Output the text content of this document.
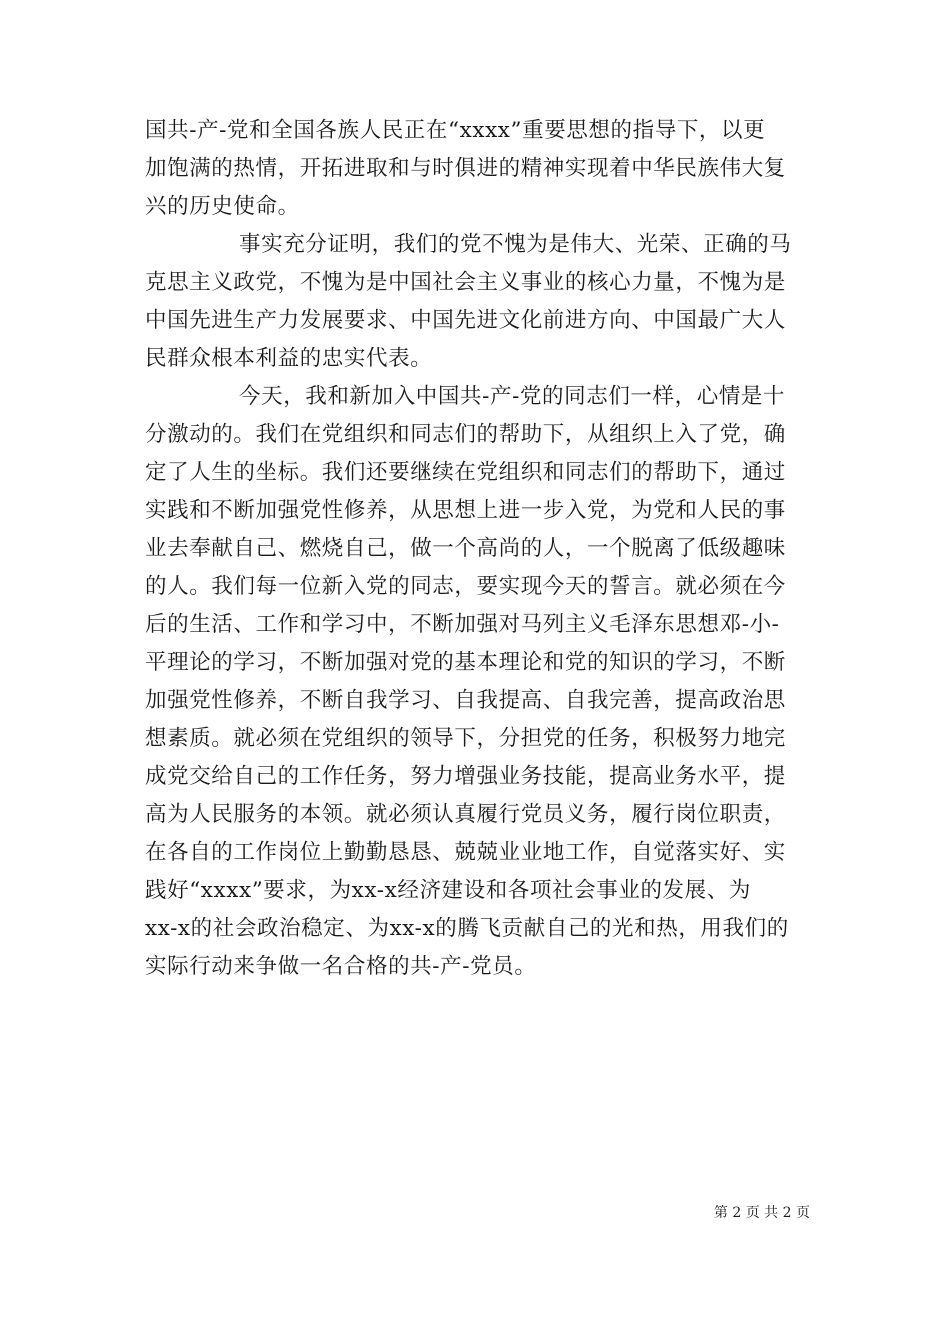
国共-产-党和全国各族人民正在“xxxx”重要思想的指导下，以更
加饱满的热情，开拓进取和与时俱进的精神实现着中华民族伟大复
兴的历史使命。
事实充分证明，我们的党不愧为是伟大、光荣、正确的马
克思主义政党，不愧为是中国社会主义事业的核心力量，不愧为是
中国先进生产力发展要求、中国先进文化前进方向、中国最广大人
民群众根本利益的忠实代表。
今天，我和新加入中国共-产-党的同志们一样，心情是十
分激动的。我们在党组织和同志们的帮助下，从组织上入了党，确
定了人生的坐标。我们还要继续在党组织和同志们的帮助下，通过
实践和不断加强党性修养，从思想上进一步入党，为党和人民的事
业去奉献自己、燃烧自己，做一个高尚的人，一个脱离了低级趣味
的人。我们每一位新入党的同志，要实现今天的誓言。就必须在今
后的生活、工作和学习中，不断加强对马列主义毛泽东思想邓-小-
平理论的学习，不断加强对党的基本理论和党的知识的学习，不断
加强党性修养，不断自我学习、自我提高、自我完善，提高政治思
想素质。就必须在党组织的领导下，分担党的任务，积极努力地完
成党交给自己的工作任务，努力增强业务技能，提高业务水平，提
高为人民服务的本领。就必须认真履行党员义务，履行岗位职责，
在各自的工作岗位上勤勤恳恳、兢兢业业地工作，自觉落实好、实
践好“xxxx”要求，为xx-x经济建设和各项社会事业的发展、为
xx-x的社会政治稳定、为xx-x的腾飞贡献自己的光和热，用我们的
实际行动来争做一名合格的共-产-党员。
第 2 页 共 2 页
